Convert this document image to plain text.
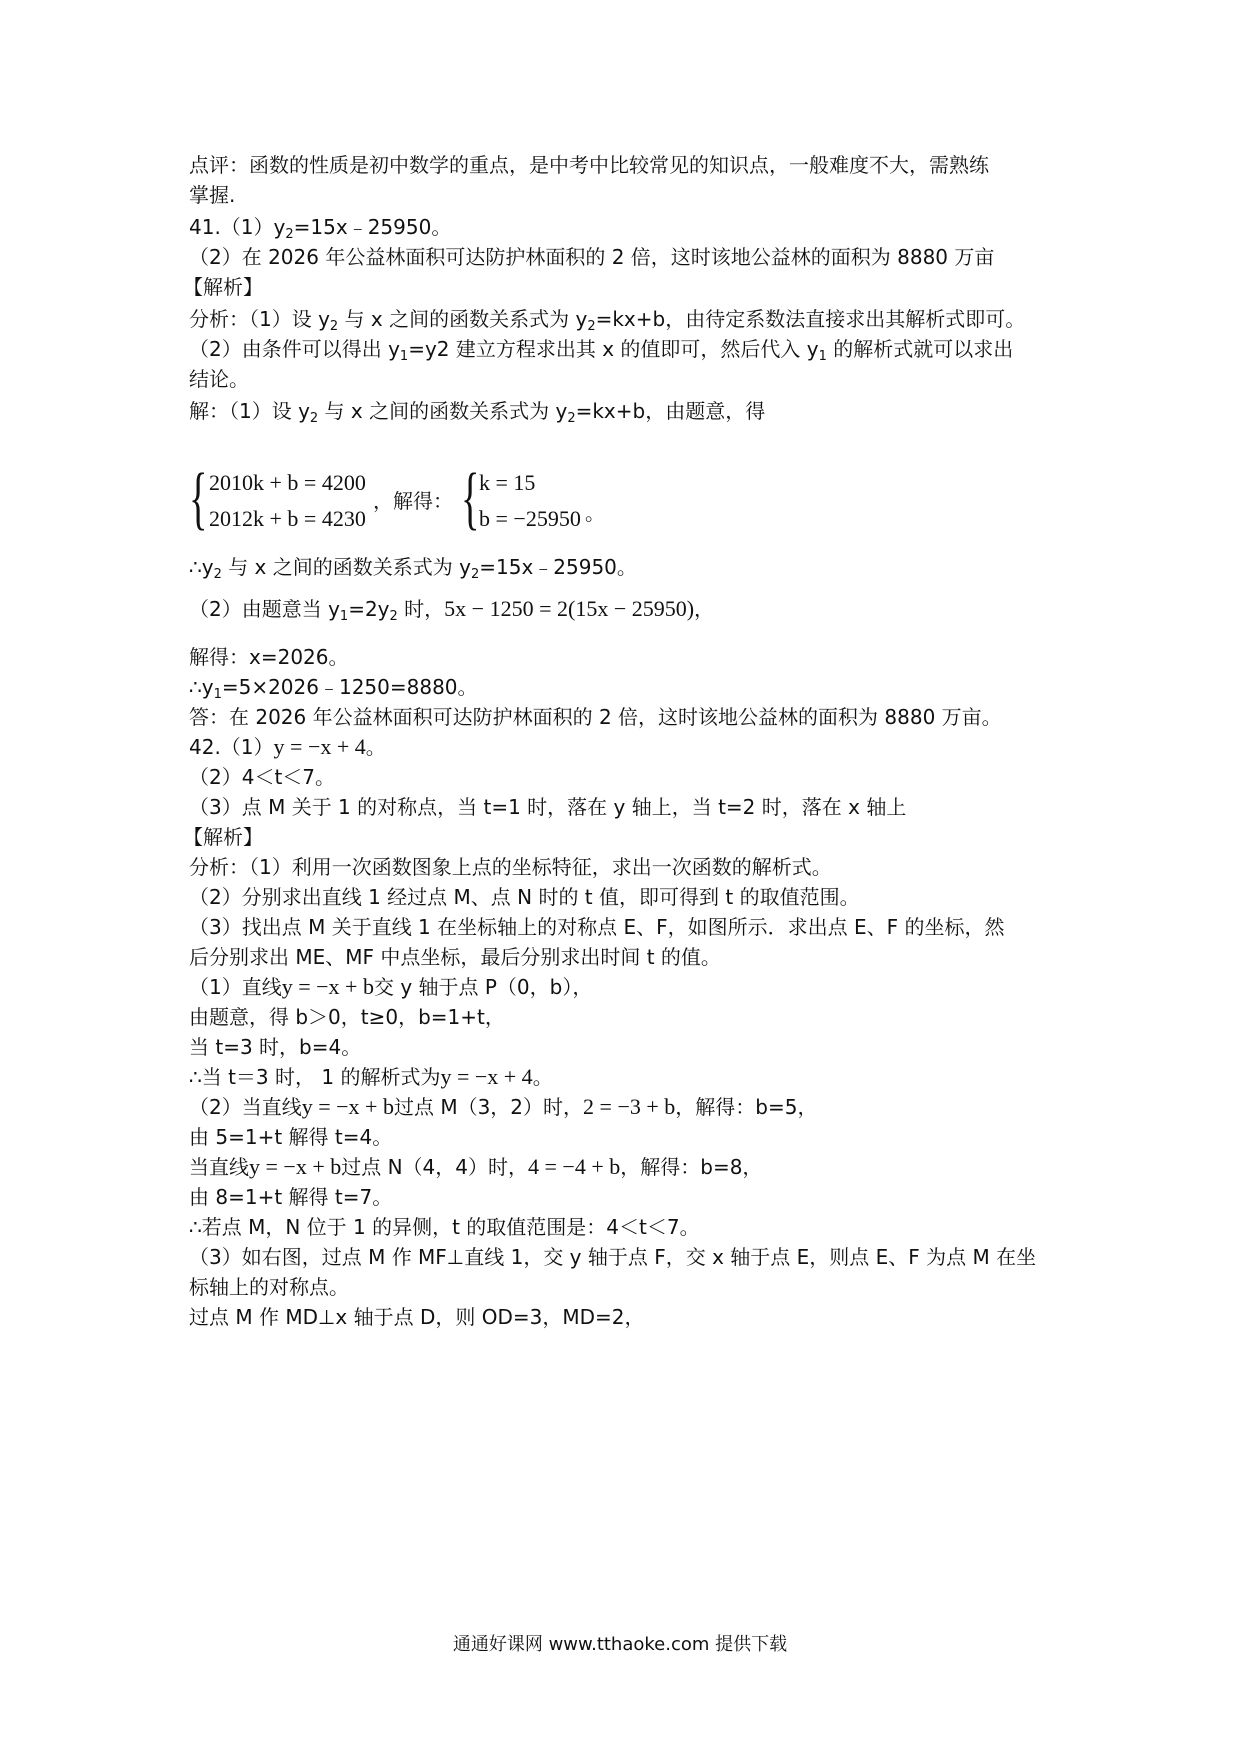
点评：函数的性质是初中数学的重点，是中考中比较常见的知识点，一般难度不大，需熟练
掌握.
$41.(1)y_2=15x﹣25950$。
（2）在 2026 年公益林面积可达防护林面积的 2 倍，这时该地公益林的面积为 8880 万亩
【解析】
分析：（1）设 $y_2$ 与 x 之间的函数关系式为 $y_2=kx+b$，由待定系数法直接求出其解析式即可。
（2）由条件可以得出 $y_1=y2$ 建立方程求出其 x 的值即可，然后代入 $y_1$ 的解析式就可以求出
结论。
解：（1）设 $y_2$ 与 x 之间的函数关系式为 $y_2=kx+b$，由题意，得
{ 2010k + b = 4200
2012k + b = 4230
，解得： { k = 15
b = −25950 。
$\therefore y_2$ 与 x 之间的函数关系式为 $y_2=15x﹣25950$。
（2）由题意当 $y_1=2y_2$ 时，5x − 1250 = 2(15x − 25950)，
解得：x=2026。
$\therefore y_1=5\times 2026﹣1250=8880$。
答：在 2026 年公益林面积可达防护林面积的 2 倍，这时该地公益林的面积为 8880 万亩。
42.（1）y = −x + 4。
（2）4＜t＜7。
（3）点 M 关于 1 的对称点，当 t=1 时，落在 y 轴上，当 t=2 时，落在 x 轴上
【解析】
分析：（1）利用一次函数图象上点的坐标特征，求出一次函数的解析式。
（2）分别求出直线 1 经过点 M、点 N 时的 t 值，即可得到 t 的取值范围。
（3）找出点 M 关于直线 1 在坐标轴上的对称点 E、F，如图所示．求出点 E、F 的坐标，然
后分别求出 ME、MF 中点坐标，最后分别求出时间 t 的值。
（1）直线y = −x + b交 y 轴于点 P（0，b），
由题意，得 b＞0，t≥0，b=1+t，
当 t=3 时，b=4。
∴当 t＝3 时， 1 的解析式为y = −x + 4。
（2）当直线y = −x + b过点 M（3，2）时，2 = −3 + b，解得：b=5，
由 5=1+t 解得 t=4。
当直线y = −x + b过点 N（4，4）时，4 = −4 + b，解得：b=8，
由 8=1+t 解得 t=7。
∴若点 M，N 位于 1 的异侧，t 的取值范围是：4＜t＜7。
（3）如右图，过点 M 作 MF⊥直线 1，交 y 轴于点 F，交 x 轴于点 E，则点 E、F 为点 M 在坐
标轴上的对称点。
过点 M 作 MD⊥x 轴于点 D，则 OD=3，MD=2，
通通好课网 www.tthaoke.com 提供下载
